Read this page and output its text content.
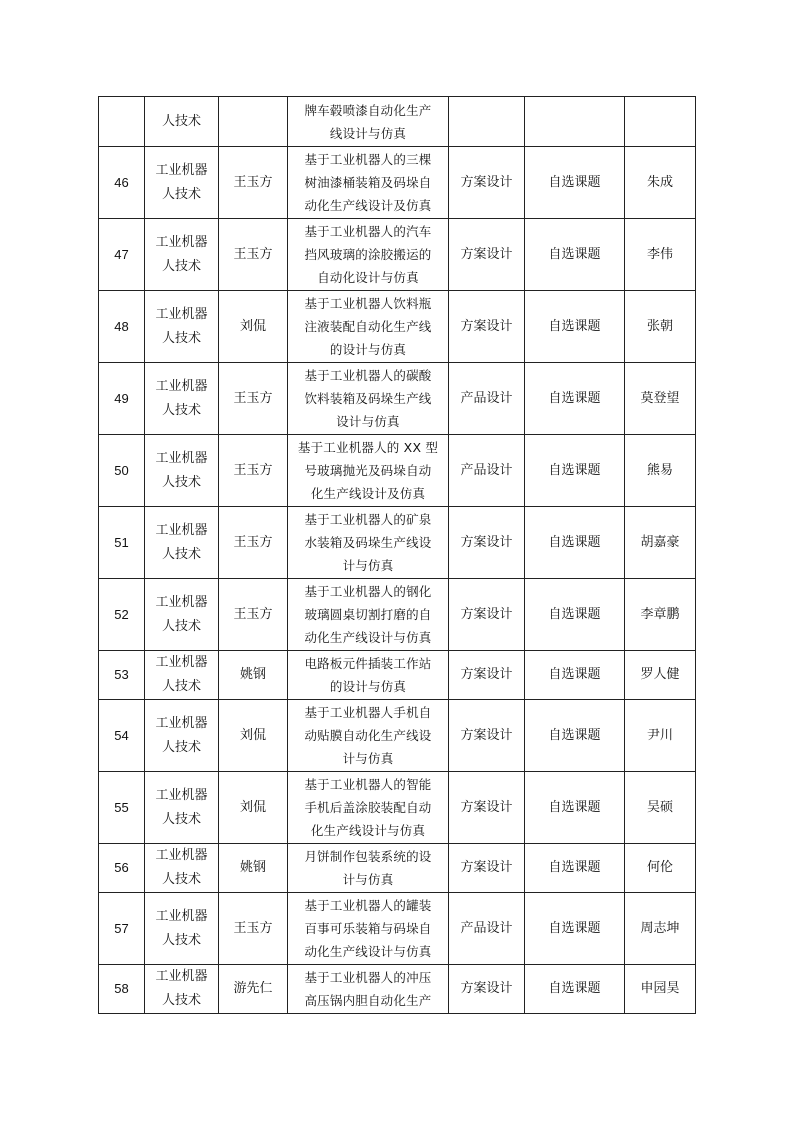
	人技术		牌车毂喷漆自动化生产
线设计与仿真			
46	工业机器
人技术	王玉方	基于工业机器人的三棵
树油漆桶装箱及码垛自
动化生产线设计及仿真	方案设计	自选课题	朱成
47	工业机器
人技术	王玉方	基于工业机器人的汽车
挡风玻璃的涂胶搬运的
自动化设计与仿真	方案设计	自选课题	李伟
48	工业机器
人技术	刘侃	基于工业机器人饮料瓶
注液装配自动化生产线
的设计与仿真	方案设计	自选课题	张朝
49	工业机器
人技术	王玉方	基于工业机器人的碳酸
饮料装箱及码垛生产线
设计与仿真	产品设计	自选课题	莫登望
50	工业机器
人技术	王玉方	基于工业机器人的 XX 型
号玻璃抛光及码垛自动
化生产线设计及仿真	产品设计	自选课题	熊易
51	工业机器
人技术	王玉方	基于工业机器人的矿泉
水装箱及码垛生产线设
计与仿真	方案设计	自选课题	胡嘉豪
52	工业机器
人技术	王玉方	基于工业机器人的钢化
玻璃圆桌切割打磨的自
动化生产线设计与仿真	方案设计	自选课题	李章鹏
53	工业机器
人技术	姚钢	电路板元件插装工作站
的设计与仿真	方案设计	自选课题	罗人健
54	工业机器
人技术	刘侃	基于工业机器人手机自
动贴膜自动化生产线设
计与仿真	方案设计	自选课题	尹川
55	工业机器
人技术	刘侃	基于工业机器人的智能
手机后盖涂胶装配自动
化生产线设计与仿真	方案设计	自选课题	吴硕
56	工业机器
人技术	姚钢	月饼制作包装系统的设
计与仿真	方案设计	自选课题	何伦
57	工业机器
人技术	王玉方	基于工业机器人的罐装
百事可乐装箱与码垛自
动化生产线设计与仿真	产品设计	自选课题	周志坤
58	工业机器
人技术	游先仁	基于工业机器人的冲压
高压锅内胆自动化生产	方案设计	自选课题	申园昊
